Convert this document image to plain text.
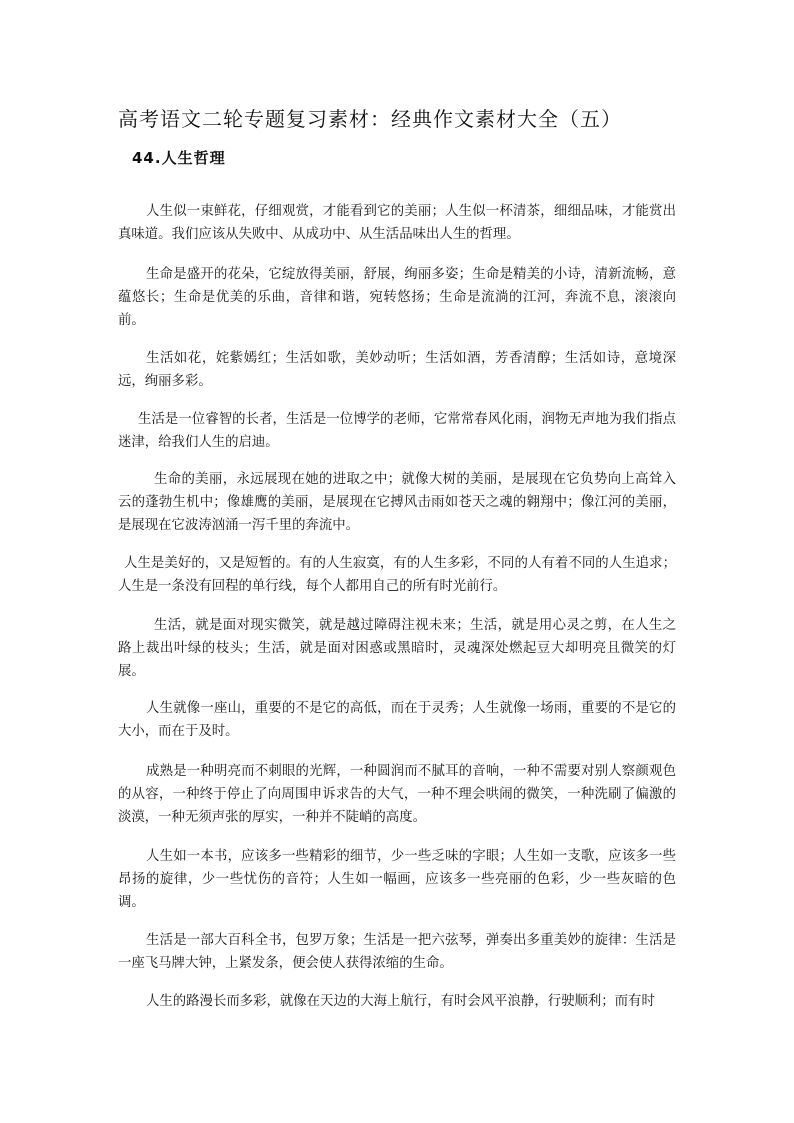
高考语文二轮专题复习素材：经典作文素材大全（五）
44.人生哲理

人生似一束鲜花，仔细观赏，才能看到它的美丽；人生似一杯清茶，细细品味，才能赏出真味道。我们应该从失败中、从成功中、从生活品味出人生的哲理。

生命是盛开的花朵，它绽放得美丽，舒展，绚丽多姿；生命是精美的小诗，清新流畅，意蕴悠长；生命是优美的乐曲，音律和谐，宛转悠扬；生命是流淌的江河，奔流不息，滚滚向前。

生活如花，姹紫嫣红；生活如歌，美妙动听；生活如酒，芳香清醇；生活如诗，意境深远，绚丽多彩。

生活是一位睿智的长者，生活是一位博学的老师，它常常春风化雨，润物无声地为我们指点迷津，给我们人生的启迪。

生命的美丽，永远展现在她的进取之中；就像大树的美丽，是展现在它负势向上高耸入云的蓬勃生机中；像雄鹰的美丽，是展现在它搏风击雨如苍天之魂的翱翔中；像江河的美丽，是展现在它波涛汹涌一泻千里的奔流中。

人生是美好的，又是短暂的。有的人生寂寞，有的人生多彩，不同的人有着不同的人生追求；人生是一条没有回程的单行线，每个人都用自己的所有时光前行。

生活，就是面对现实微笑，就是越过障碍注视未来；生活，就是用心灵之剪，在人生之路上裁出叶绿的枝头；生活，就是面对困惑或黑暗时，灵魂深处燃起豆大却明亮且微笑的灯展。

人生就像一座山，重要的不是它的高低，而在于灵秀；人生就像一场雨，重要的不是它的大小，而在于及时。

成熟是一种明亮而不刺眼的光辉，一种圆润而不腻耳的音响，一种不需要对别人察颜观色的从容，一种终于停止了向周围申诉求告的大气，一种不理会哄闹的微笑，一种洗刷了偏激的淡漠，一种无须声张的厚实，一种并不陡峭的高度。

人生如一本书，应该多一些精彩的细节，少一些乏味的字眼；人生如一支歌，应该多一些昂扬的旋律，少一些忧伤的音符；人生如一幅画，应该多一些亮丽的色彩，少一些灰暗的色调。

生活是一部大百科全书，包罗万象；生活是一把六弦琴，弹奏出多重美妙的旋律：生活是一座飞马牌大钟，上紧发条，便会使人获得浓缩的生命。

人生的路漫长而多彩，就像在天边的大海上航行，有时会风平浪静，行驶顺利；而有时
